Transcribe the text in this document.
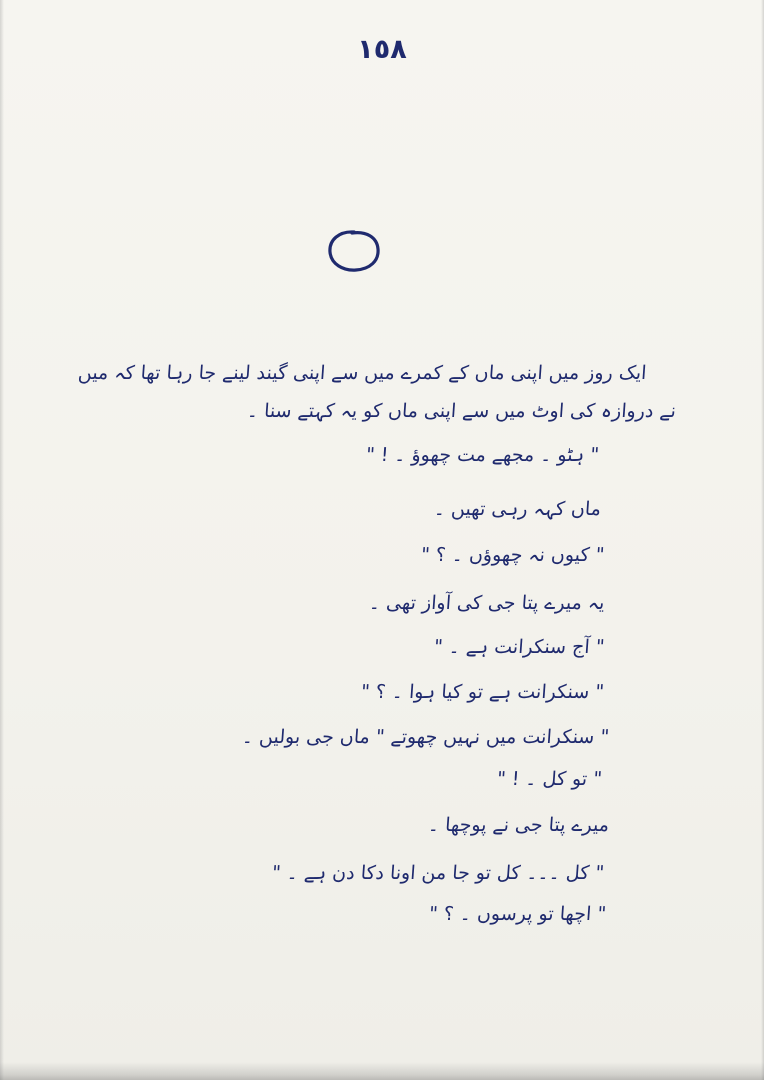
١٥٨
ایک روز میں اپنی ماں کے کمرے میں سے اپنی گیند لینے جا رہا تھا کہ میں
نے دروازہ کی اوٹ میں سے اپنی ماں کو یہ کہتے سنا ۔
" ہٹو ۔ مجھے مت چھوؤ ۔ ! "
ماں کہہ رہی تھیں ۔
" کیوں نہ چھوؤں ۔ ؟ "
یہ میرے پتا جی کی آواز تھی ۔
" آج سنکرانت ہے ۔ "
" سنکرانت ہے تو کیا ہوا ۔ ؟ "
" سنکرانت میں نہیں چھوتے " ماں جی بولیں ۔
" تو کل ۔ ! "
میرے پتا جی نے پوچھا ۔
" کل ۔۔۔ کل تو جا من اونا دکا دن ہے ۔ "
" اچھا تو پرسوں ۔ ؟ "
